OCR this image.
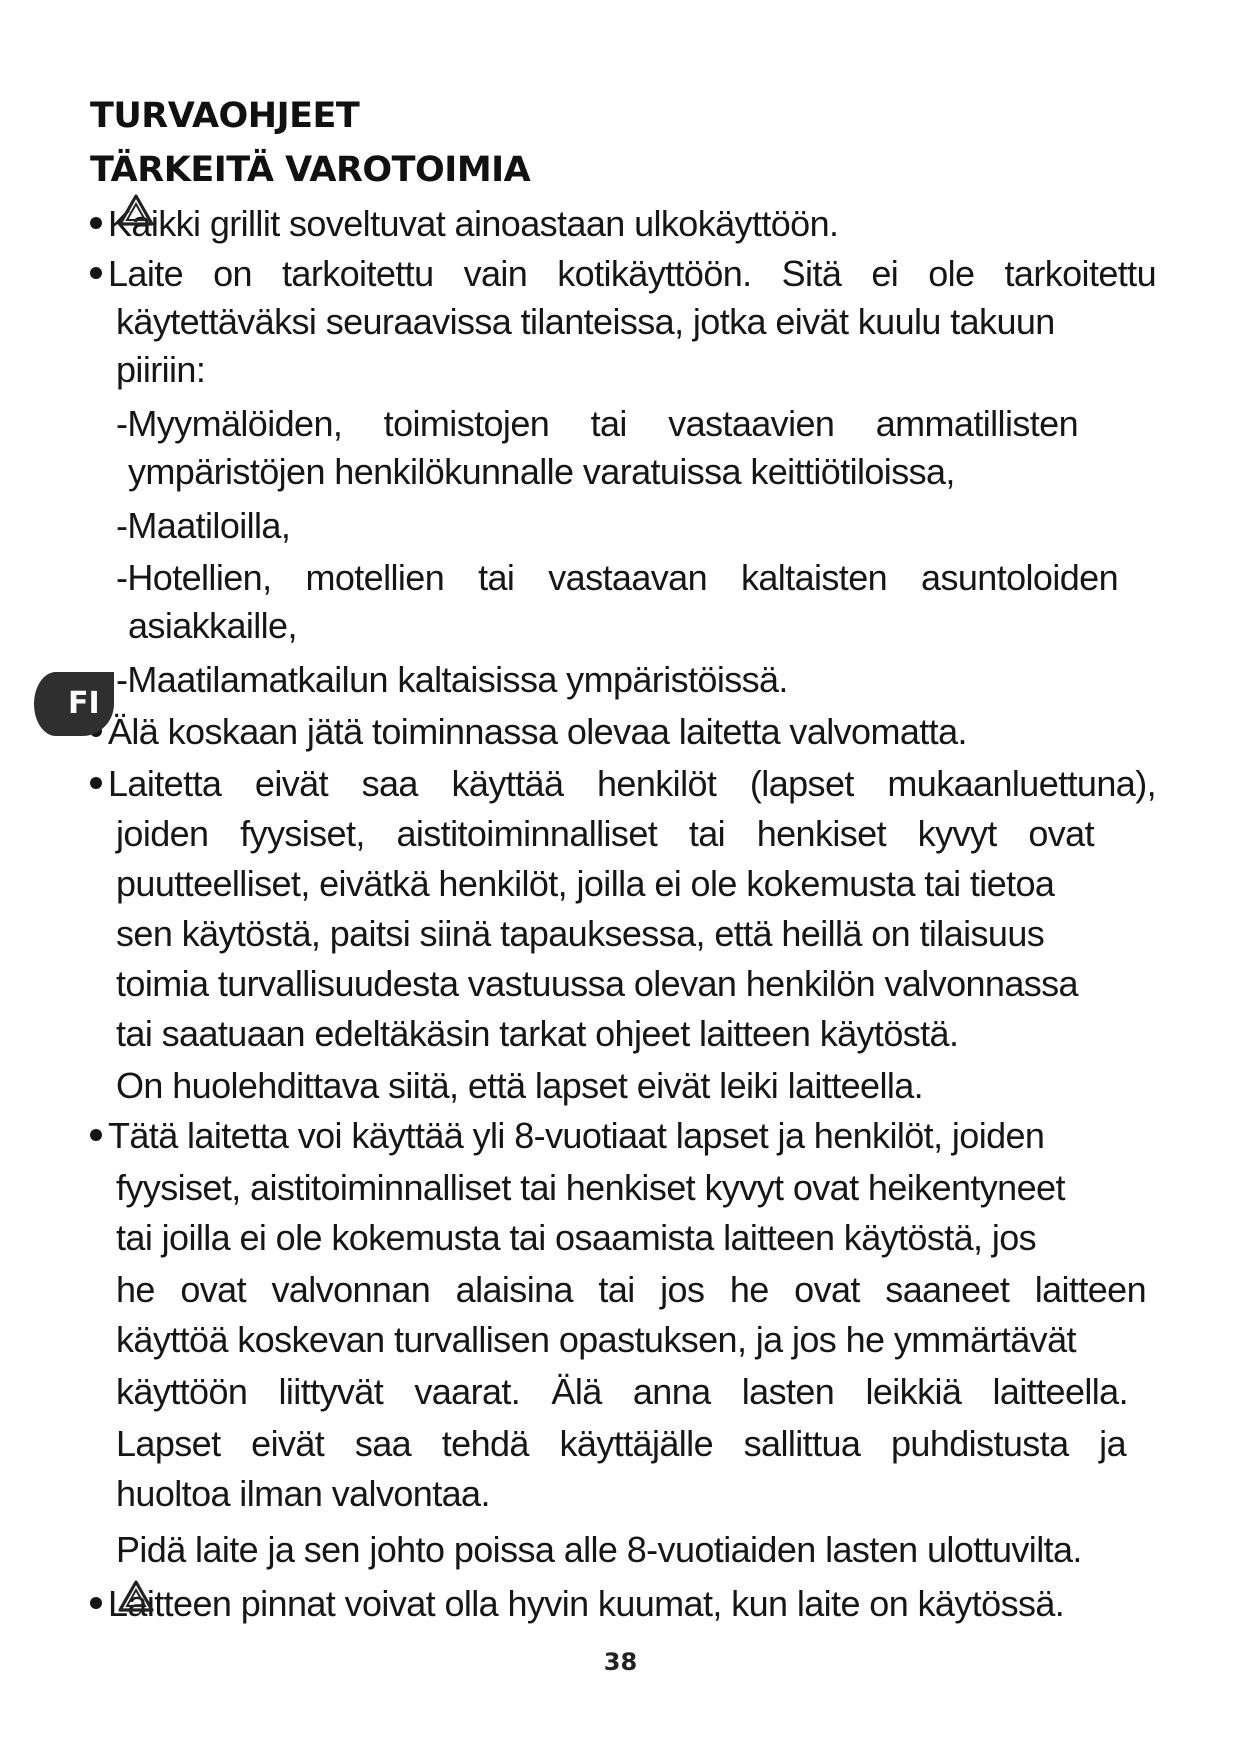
TURVAOHJEET
TÄRKEITÄ VAROTOIMIA
Kaikki grillit soveltuvat ainoastaan ulkokäyttöön.
Laite on tarkoitettu vain kotikäyttöön. Sitä ei ole tarkoitettu
käytettäväksi seuraavissa tilanteissa, jotka eivät kuulu takuun
piiriin:
-Myymälöiden, toimistojen tai vastaavien ammatillisten
ympäristöjen henkilökunnalle varatuissa keittiötiloissa,
-Maatiloilla,
-Hotellien, motellien tai vastaavan kaltaisten asuntoloiden
asiakkaille,
-Maatilamatkailun kaltaisissa ympäristöissä.
Älä koskaan jätä toiminnassa olevaa laitetta valvomatta.
Laitetta eivät saa käyttää henkilöt (lapset mukaanluettuna),
joiden fyysiset, aistitoiminnalliset tai henkiset kyvyt ovat
puutteelliset, eivätkä henkilöt, joilla ei ole kokemusta tai tietoa
sen käytöstä, paitsi siinä tapauksessa, että heillä on tilaisuus
toimia turvallisuudesta vastuussa olevan henkilön valvonnassa
tai saatuaan edeltäkäsin tarkat ohjeet laitteen käytöstä.
On huolehdittava siitä, että lapset eivät leiki laitteella.
Tätä laitetta voi käyttää yli 8-vuotiaat lapset ja henkilöt, joiden
fyysiset, aistitoiminnalliset tai henkiset kyvyt ovat heikentyneet
tai joilla ei ole kokemusta tai osaamista laitteen käytöstä, jos
he ovat valvonnan alaisina tai jos he ovat saaneet laitteen
käyttöä koskevan turvallisen opastuksen, ja jos he ymmärtävät
käyttöön liittyvät vaarat. Älä anna lasten leikkiä laitteella.
Lapset eivät saa tehdä käyttäjälle sallittua puhdistusta ja
huoltoa ilman valvontaa.
Pidä laite ja sen johto poissa alle 8-vuotiaiden lasten ulottuvilta.
Laitteen pinnat voivat olla hyvin kuumat, kun laite on käytössä.
FI
38
